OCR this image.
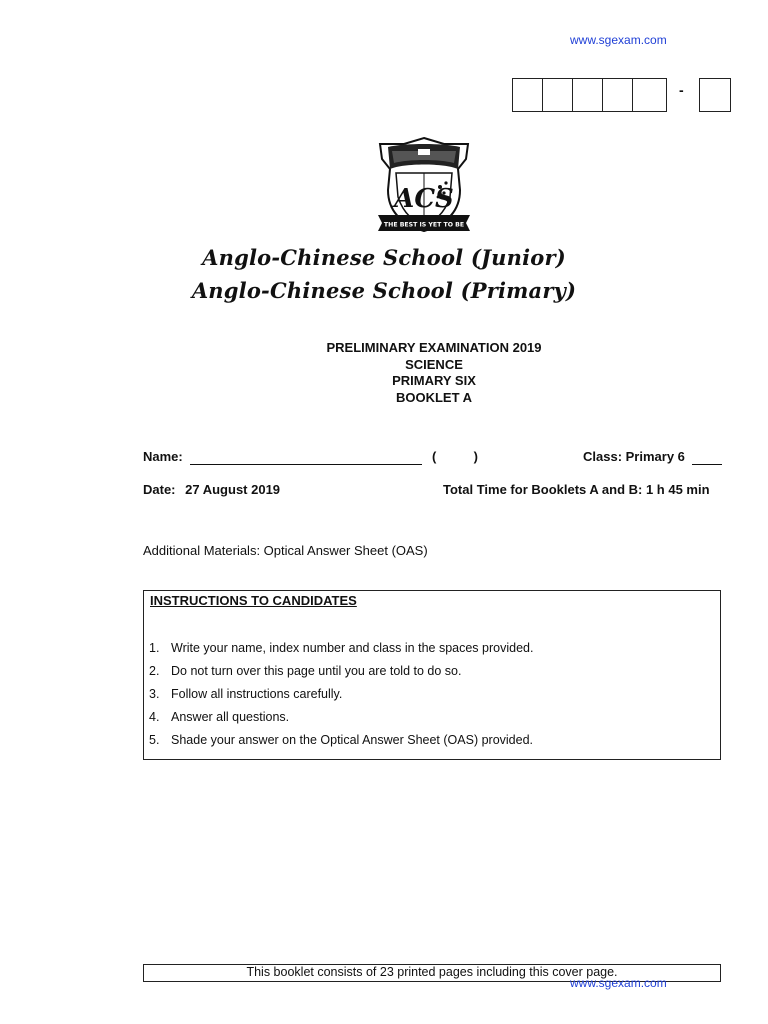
www.sgexam.com
-
ACS
THE BEST IS YET TO BE
Anglo-Chinese School (Junior)
Anglo-Chinese School (Primary)
PRELIMINARY EXAMINATION 2019
SCIENCE
PRIMARY SIX
BOOKLET A
Name:	(	)	Class: Primary 6
Date: 27 August 2019	Total Time for Booklets A and B: 1 h 45 min
Additional Materials: Optical Answer Sheet (OAS)
INSTRUCTIONS TO CANDIDATES
1. Write your name, index number and class in the spaces provided.
2. Do not turn over this page until you are told to do so.
3. Follow all instructions carefully.
4. Answer all questions.
5. Shade your answer on the Optical Answer Sheet (OAS) provided.
This booklet consists of 23 printed pages including this cover page.
www.sgexam.com
